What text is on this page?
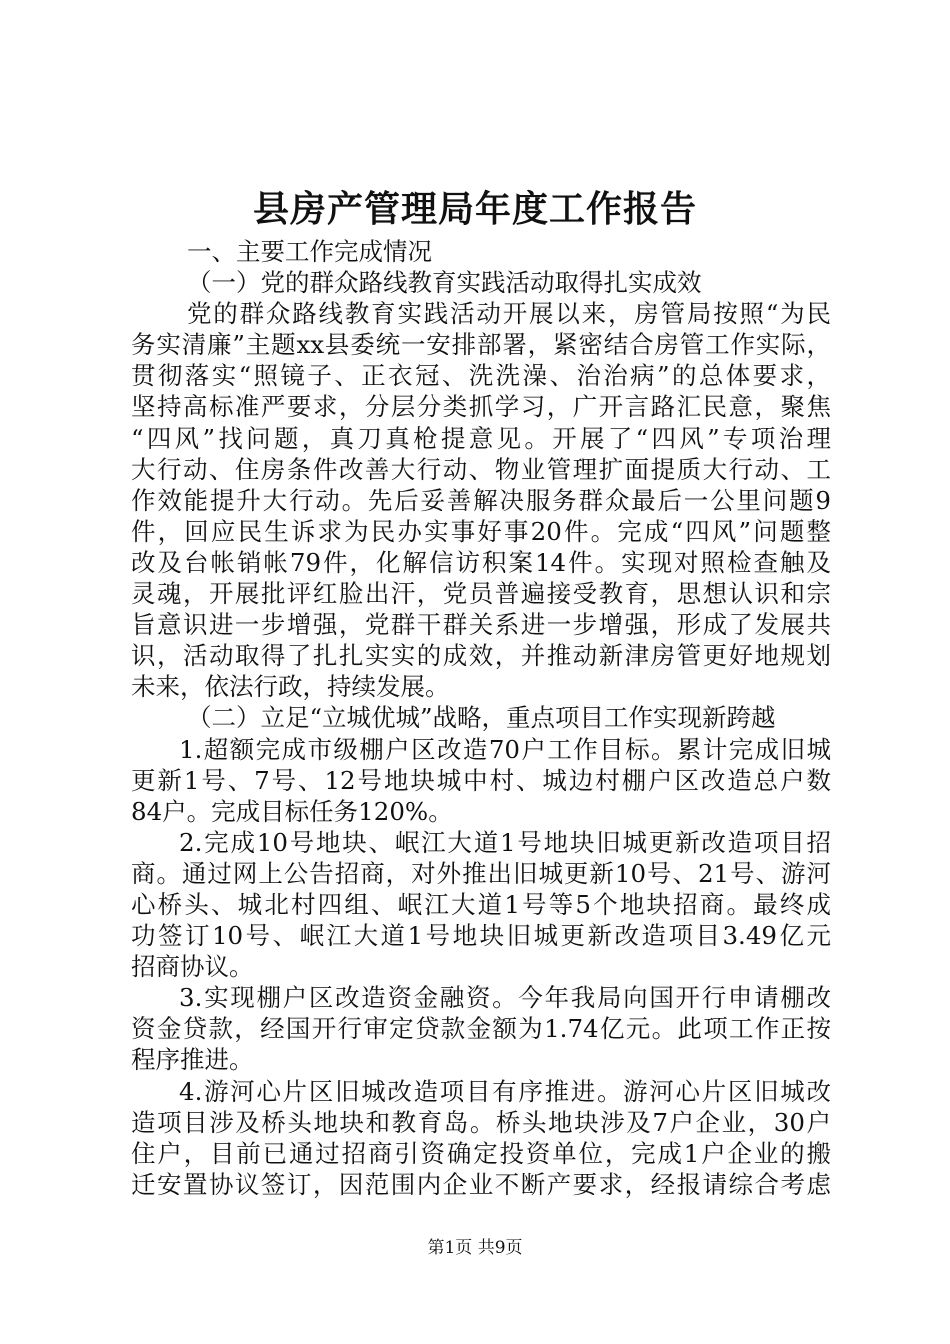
县房产管理局年度工作报告
一、主要工作完成情况
（一）党的群众路线教育实践活动取得扎实成效
党的群众路线教育实践活动开展以来，房管局按照“为民
务实清廉”主题xx县委统一安排部署，紧密结合房管工作实际，
贯彻落实“照镜子、正衣冠、洗洗澡、治治病”的总体要求，
坚持高标准严要求，分层分类抓学习，广开言路汇民意，聚焦
“四风”找问题，真刀真枪提意见。开展了“四风”专项治理
大行动、住房条件改善大行动、物业管理扩面提质大行动、工
作效能提升大行动。先后妥善解决服务群众最后一公里问题9
件，回应民生诉求为民办实事好事20件。完成“四风”问题整
改及台帐销帐79件，化解信访积案14件。实现对照检查触及
灵魂，开展批评红脸出汗，党员普遍接受教育，思想认识和宗
旨意识进一步增强，党群干群关系进一步增强，形成了发展共
识，活动取得了扎扎实实的成效，并推动新津房管更好地规划
未来，依法行政，持续发展。
（二）立足“立城优城”战略，重点项目工作实现新跨越
1.超额完成市级棚户区改造70户工作目标。累计完成旧城
更新1号、7号、12号地块城中村、城边村棚户区改造总户数
84户。完成目标任务120%。
2.完成10号地块、岷江大道1号地块旧城更新改造项目招
商。通过网上公告招商，对外推出旧城更新10号、21号、游河
心桥头、城北村四组、岷江大道1号等5个地块招商。最终成
功签订10号、岷江大道1号地块旧城更新改造项目3.49亿元
招商协议。
3.实现棚户区改造资金融资。今年我局向国开行申请棚改
资金贷款，经国开行审定贷款金额为1.74亿元。此项工作正按
程序推进。
4.游河心片区旧城改造项目有序推进。游河心片区旧城改
造项目涉及桥头地块和教育岛。桥头地块涉及7户企业，30户
住户，目前已通过招商引资确定投资单位，完成1户企业的搬
迁安置协议签订，因范围内企业不断产要求，经报请综合考虑
第1页 共9页
